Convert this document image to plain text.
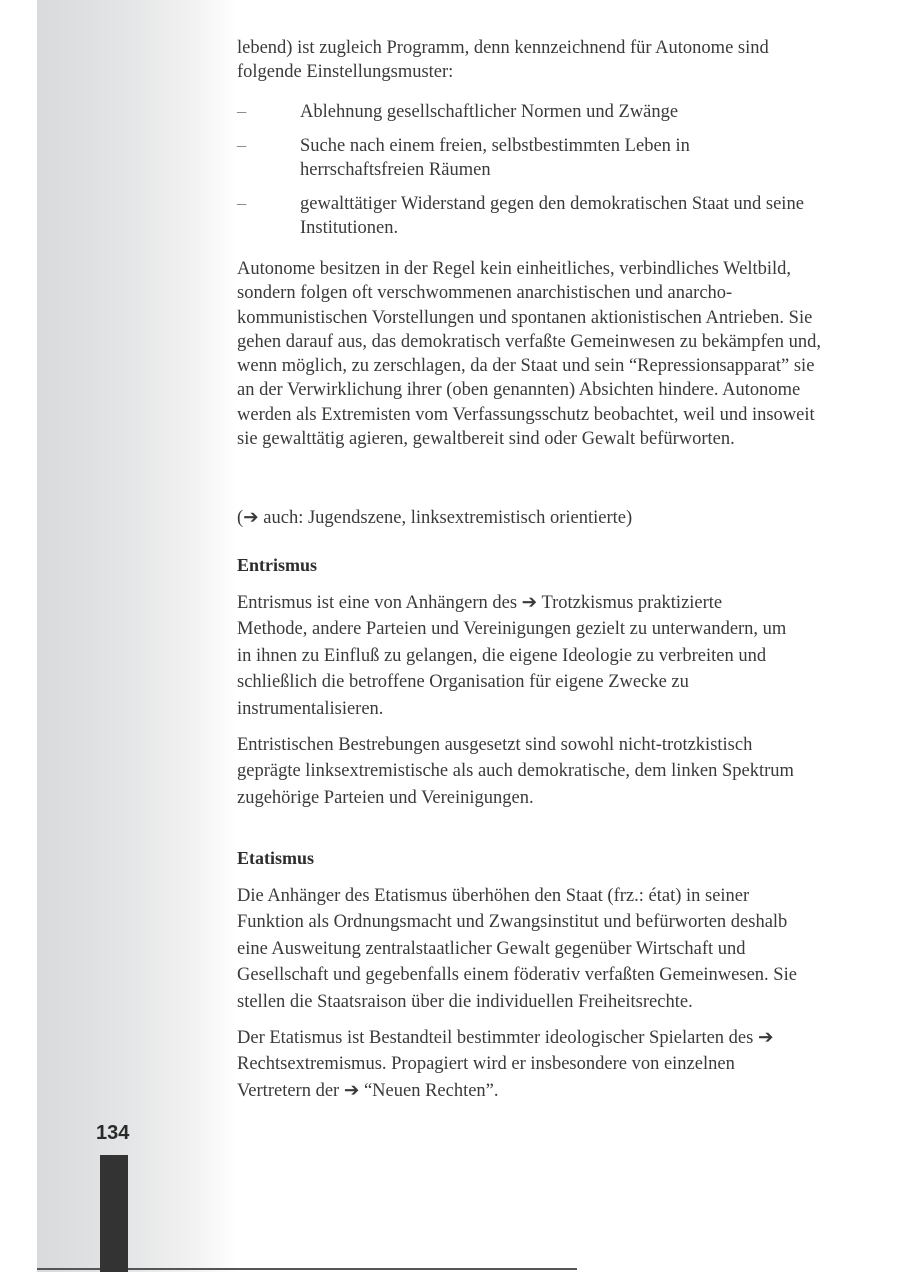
134

lebend) ist zugleich Programm, denn kennzeichnend für Autonome sind folgende Einstellungsmuster:

–	Ablehnung gesellschaftlicher Normen und Zwänge
–	Suche nach einem freien, selbstbestimmten Leben in herrschaftsfreien Räumen
–	gewalttätiger Widerstand gegen den demokratischen Staat und seine Institutionen.

Autonome besitzen in der Regel kein einheitliches, verbindliches Weltbild, sondern folgen oft verschwommenen anarchistischen und anarcho-kommunistischen Vorstellungen und spontanen aktionistischen Antrieben. Sie gehen darauf aus, das demokratisch verfaßte Gemeinwesen zu bekämpfen und, wenn möglich, zu zerschlagen, da der Staat und sein “Repressionsapparat” sie an der Verwirklichung ihrer (oben genannten) Absichten hindere. Autonome werden als Extremisten vom Verfassungsschutz beobachtet, weil und insoweit sie gewalttätig agieren, gewaltbereit sind oder Gewalt befürworten.

(➔ auch: Jugendszene, linksextremistisch orientierte)

Entrismus

Entrismus ist eine von Anhängern des ➔ Trotzkismus praktizierte Methode, andere Parteien und Vereinigungen gezielt zu unterwandern, um in ihnen zu Einfluß zu gelangen, die eigene Ideologie zu verbreiten und schließlich die betroffene Organisation für eigene Zwecke zu instrumentalisieren.

Entristischen Bestrebungen ausgesetzt sind sowohl nicht-trotzkistisch geprägte linksextremistische als auch demokratische, dem linken Spektrum zugehörige Parteien und Vereinigungen.

Etatismus

Die Anhänger des Etatismus überhöhen den Staat (frz.: état) in seiner Funktion als Ordnungsmacht und Zwangsinstitut und befürworten deshalb eine Ausweitung zentralstaatlicher Gewalt gegenüber Wirtschaft und Gesellschaft und gegebenfalls einem föderativ verfaßten Gemeinwesen. Sie stellen die Staatsraison über die individuellen Freiheitsrechte.

Der Etatismus ist Bestandteil bestimmter ideologischer Spielarten des ➔ Rechtsextremismus. Propagiert wird er insbesondere von einzelnen Vertretern der ➔ “Neuen Rechten”.
